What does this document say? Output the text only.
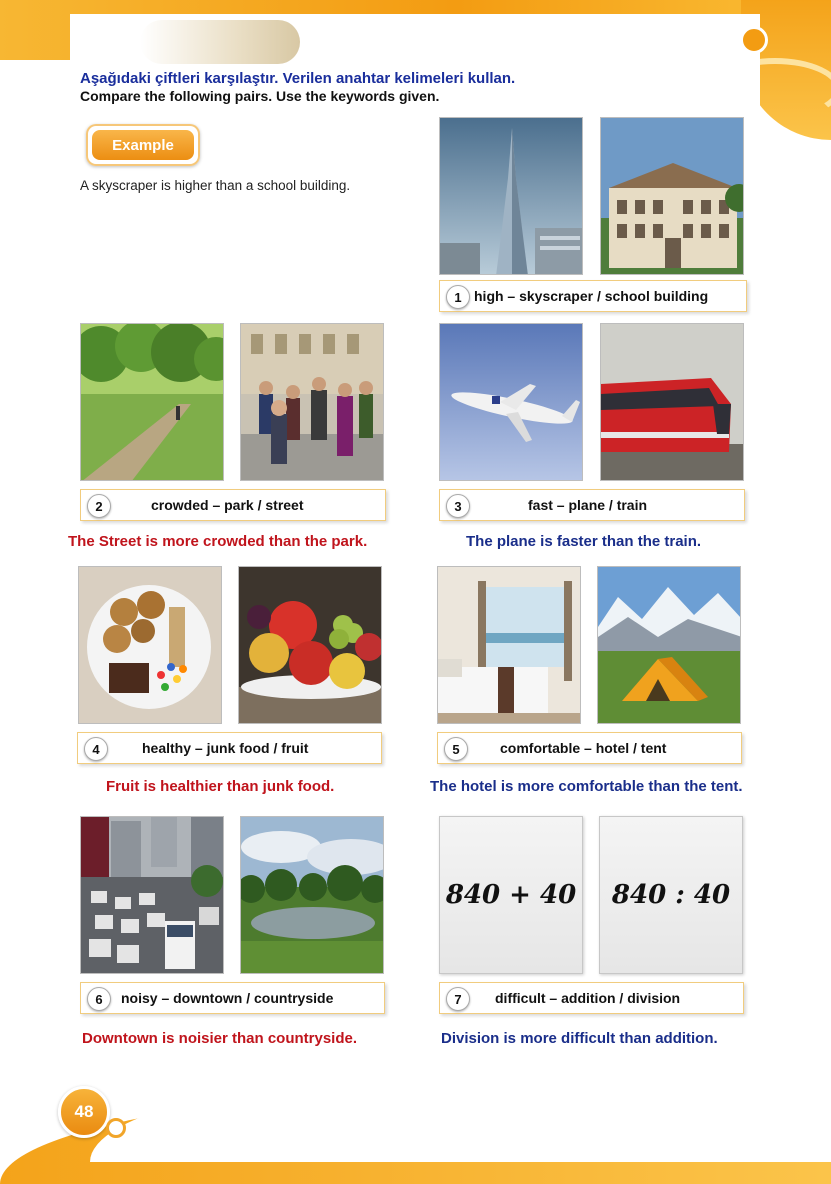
Aşağıdaki çiftleri karşılaştır. Verilen anahtar kelimeleri kullan.
Compare the following pairs. Use the keywords given.
Example
A skyscraper is higher than a school building.
1 high – skyscraper / school building
2	crowded – park / street
The Street is more crowded than the park.
3	fast – plane / train
The plane is faster than the train.
4	healthy – junk food / fruit
Fruit is healthier than junk food.
5	comfortable – hotel / tent
The hotel is more comfortable than the tent.
6	noisy – downtown / countryside
Downtown is noisier than countryside.
840 + 40	840 : 40
7	difficult – addition / division
Division is more difficult than addition.
48
